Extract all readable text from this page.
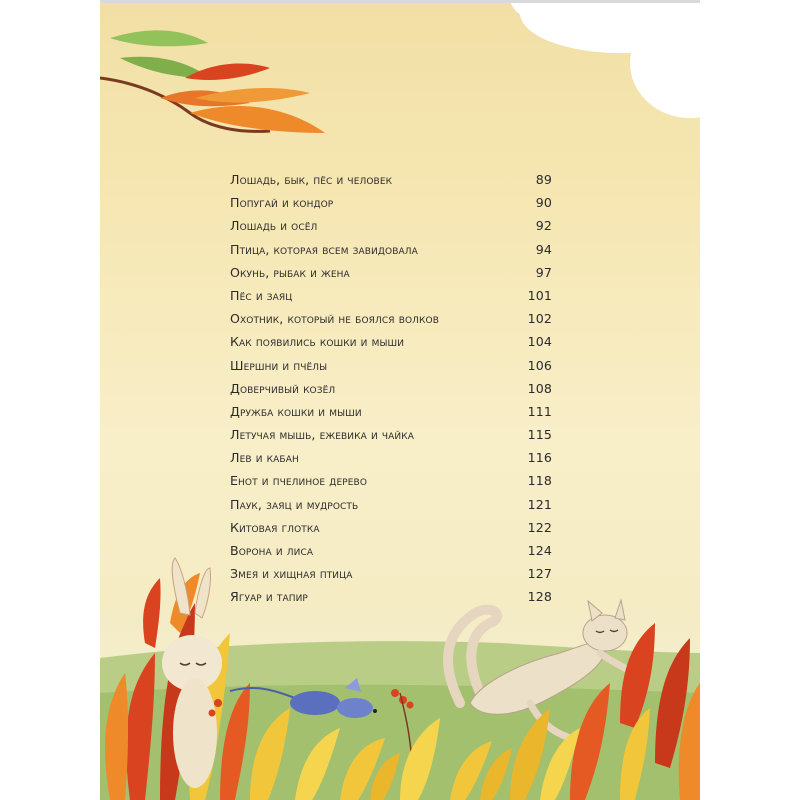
Лошадь, бык, пёс и человек	89
Попугай и кондор	90
Лошадь и осёл	92
Птица, которая всем завидовала	94
Окунь, рыбак и жена	97
Пёс и заяц	101
Охотник, который не боялся волков	102
Как появились кошки и мыши	104
Шершни и пчёлы	106
Доверчивый козёл	108
Дружба кошки и мыши	111
Летучая мышь, ежевика и чайка	115
Лев и кабан	116
Енот и пчелиное дерево	118
Паук, заяц и мудрость	121
Китовая глотка	122
Ворона и лиса	124
Змея и хищная птица	127
Ягуар и тапир	128
